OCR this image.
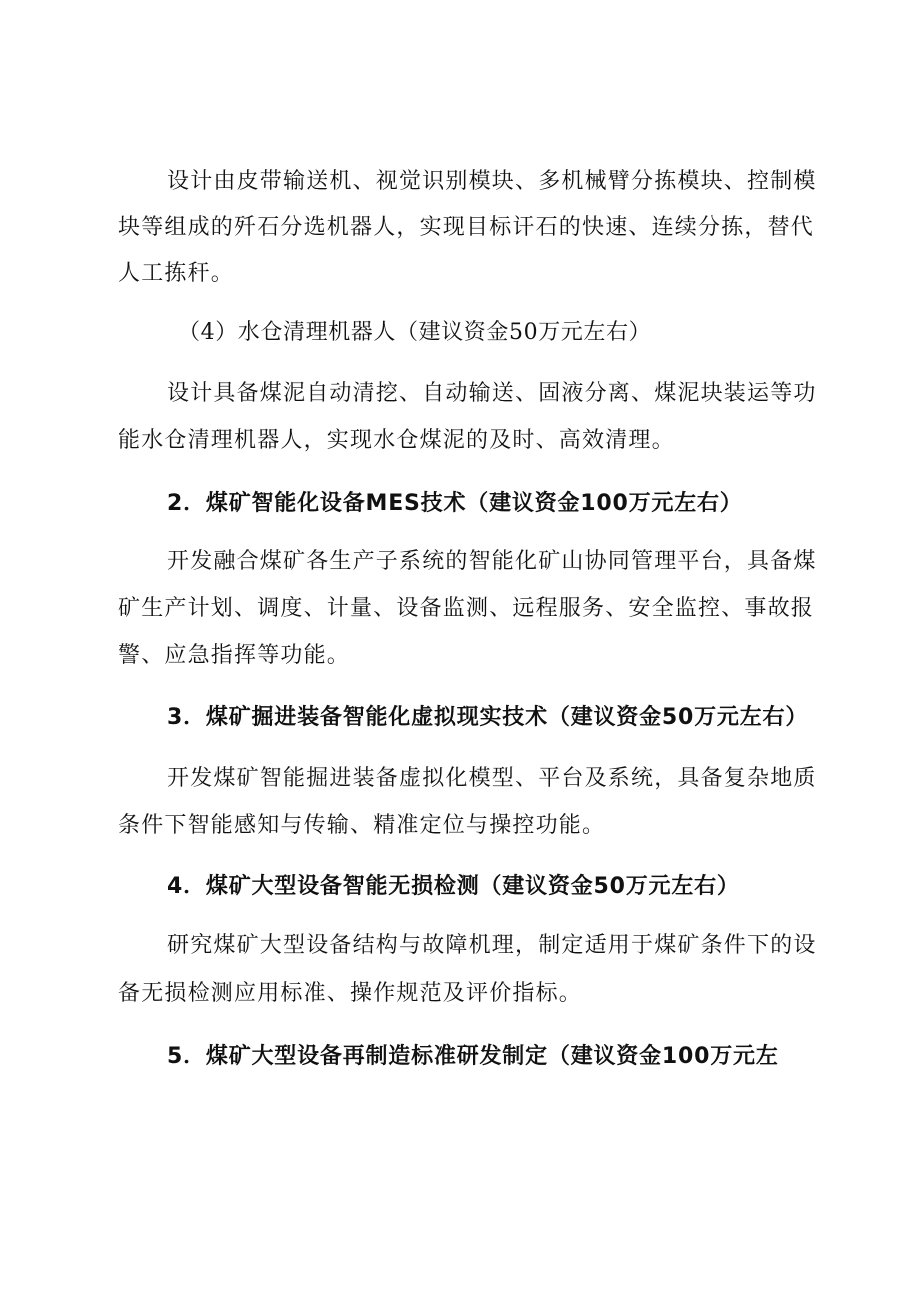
设计由皮带输送机、视觉识别模块、多机械臂分拣模块、控制模
块等组成的歼石分选机器人，实现目标讦石的快速、连续分拣，替代
人工拣秆。
（4）水仓清理机器人（建议资金50万元左右）
设计具备煤泥自动清挖、自动输送、固液分离、煤泥块装运等功
能水仓清理机器人，实现水仓煤泥的及时、高效清理。
2．煤矿智能化设备MES技术（建议资金100万元左右）
开发融合煤矿各生产子系统的智能化矿山协同管理平台，具备煤
矿生产计划、调度、计量、设备监测、远程服务、安全监控、事故报
警、应急指挥等功能。
3．煤矿掘进装备智能化虚拟现实技术（建议资金50万元左右）
开发煤矿智能掘进装备虚拟化模型、平台及系统，具备复杂地质
条件下智能感知与传输、精准定位与操控功能。
4．煤矿大型设备智能无损检测（建议资金50万元左右）
研究煤矿大型设备结构与故障机理，制定适用于煤矿条件下的设
备无损检测应用标准、操作规范及评价指标。
5．煤矿大型设备再制造标准研发制定（建议资金100万元左
